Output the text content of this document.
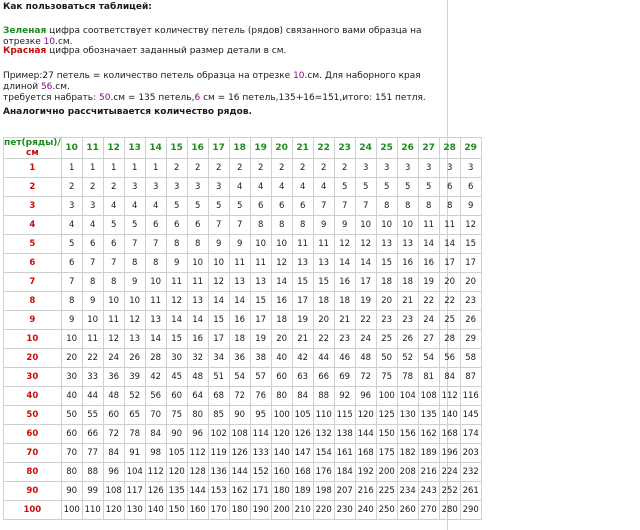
Как пользоваться таблицей:

Зеленая цифра соответствует количеству петель (рядов) связанного вами образца на отрезке 10.см.

Красная цифра обозначает заданный размер детали в см.

Пример:27 петель = количество петель образца на отрезке 10.см. Для наборного края длиной 56.см.
требуется набрать: 50.см = 135 петель,6 см = 16 петель,135+16=151,итого: 151 петля.

Аналогично рассчитывается количество рядов.

пет(ряды)/
см	10	11	12	13	14	15	16	17	18	19	20	21	22	23	24	25	26	27	28	29
1	1	1	1	1	1	2	2	2	2	2	2	2	2	2	3	3	3	3	3	3
2	2	2	2	3	3	3	3	3	4	4	4	4	4	5	5	5	5	5	6	6
3	3	3	4	4	4	5	5	5	5	6	6	6	7	7	7	8	8	8	8	9
4	4	4	5	5	6	6	6	7	7	8	8	8	9	9	10	10	10	11	11	12
5	5	6	6	7	7	8	8	9	9	10	10	11	11	12	12	13	13	14	14	15
6	6	7	7	8	8	9	10	10	11	11	12	13	13	14	14	15	16	16	17	17
7	7	8	8	9	10	11	11	12	13	13	14	15	15	16	17	18	18	19	20	20
8	8	9	10	10	11	12	13	14	14	15	16	17	18	18	19	20	21	22	22	23
9	9	10	11	12	13	14	14	15	16	17	18	19	20	21	22	23	23	24	25	26
10	10	11	12	13	14	15	16	17	18	19	20	21	22	23	24	25	26	27	28	29
20	20	22	24	26	28	30	32	34	36	38	40	42	44	46	48	50	52	54	56	58
30	30	33	36	39	42	45	48	51	54	57	60	63	66	69	72	75	78	81	84	87
40	40	44	48	52	56	60	64	68	72	76	80	84	88	92	96	100	104	108	112	116
50	50	55	60	65	70	75	80	85	90	95	100	105	110	115	120	125	130	135	140	145
60	60	66	72	78	84	90	96	102	108	114	120	126	132	138	144	150	156	162	168	174
70	70	77	84	91	98	105	112	119	126	133	140	147	154	161	168	175	182	189	196	203
80	80	88	96	104	112	120	128	136	144	152	160	168	176	184	192	200	208	216	224	232
90	90	99	108	117	126	135	144	153	162	171	180	189	198	207	216	225	234	243	252	261
100	100	110	120	130	140	150	160	170	180	190	200	210	220	230	240	250	260	270	280	290
